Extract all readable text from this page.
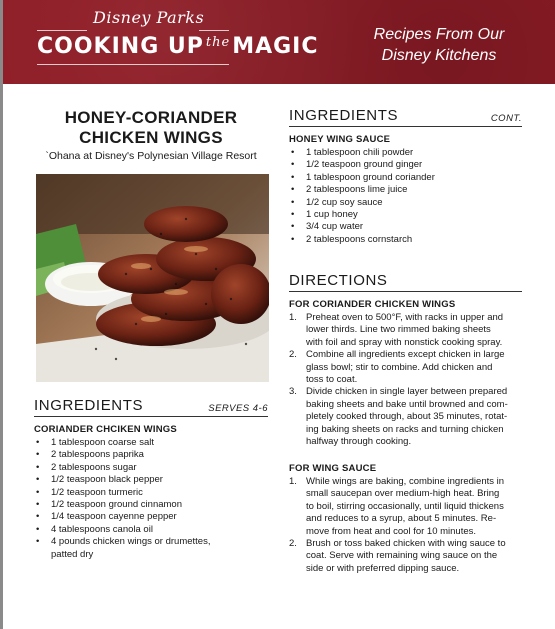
Disney Parks
COOKING UP $^{the}$MAGIC	Recipes From Our
Disney Kitchens
HONEY-CORIANDER
CHICKEN WINGS
`Ohana at Disney's Polynesian Village Resort
INGREDIENTS	SERVES 4-6
CORIANDER CHCIKEN WINGS
• 1 tablespoon coarse salt
• 2 tablespoons paprika
• 2 tablespoons sugar
• 1/2 teaspoon black pepper
• 1/2 teaspoon turmeric
• 1/2 teaspoon ground cinnamon
• 1/4 teaspoon cayenne pepper
• 4 tablespoons canola oil
• 4 pounds chicken wings or drumettes,
patted dry
INGREDIENTS	CONT.
HONEY WING SAUCE
• 1 tablespoon chili powder
• 1/2 teaspoon ground ginger
• 1 tablespoon ground coriander
• 2 tablespoons lime juice
• 1/2 cup soy sauce
• 1 cup honey
• 3/4 cup water
• 2 tablespoons cornstarch
DIRECTIONS
FOR CORIANDER CHICKEN WINGS
1. Preheat oven to 500°F, with racks in upper and
lower thirds. Line two rimmed baking sheets
with foil and spray with nonstick cooking spray.
2. Combine all ingredients except chicken in large
glass bowl; stir to combine. Add chicken and
toss to coat.
3. Divide chicken in single layer between prepared
baking sheets and bake until browned and com-
pletely cooked through, about 35 minutes, rotat-
ing baking sheets on racks and turning chicken
halfway through cooking.
FOR WING SAUCE
1. While wings are baking, combine ingredients in
small saucepan over medium-high heat. Bring
to boil, stirring occasionally, until liquid thickens
and reduces to a syrup, about 5 minutes. Re-
move from heat and cool for 10 minutes.
2. Brush or toss baked chicken with wing sauce to
coat. Serve with remaining wing sauce on the
side or with preferred dipping sauce.
